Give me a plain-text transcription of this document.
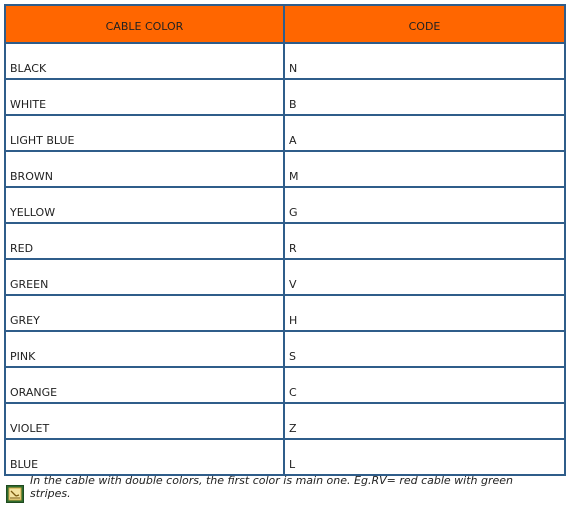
CABLE COLOR	CODE
BLACK	N
WHITE	B
LIGHT BLUE	A
BROWN	M
YELLOW	G
RED	R
GREEN	V
GREY	H
PINK	S
ORANGE	C
VIOLET	Z
BLUE	L
In the cable with double colors, the first color is main one. Eg.RV= red cable with green stripes.
